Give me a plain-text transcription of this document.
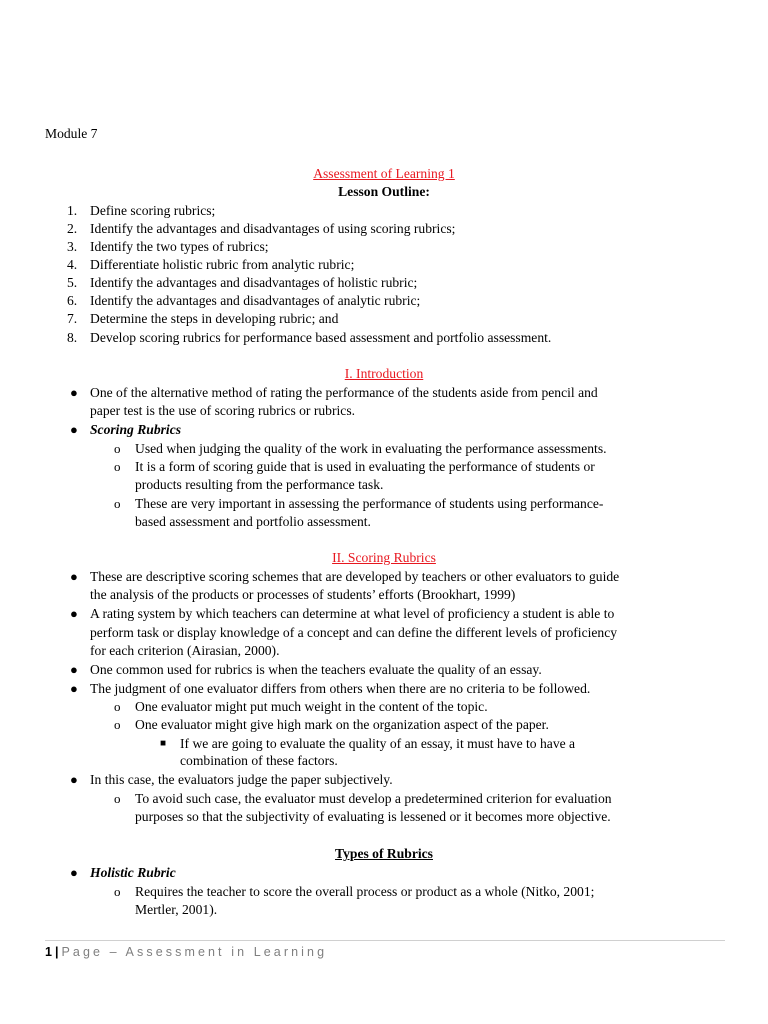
Module 7
Assessment of Learning 1
Lesson Outline:
1. Define scoring rubrics;
2. Identify the advantages and disadvantages of using scoring rubrics;
3. Identify the two types of rubrics;
4. Differentiate holistic rubric from analytic rubric;
5. Identify the advantages and disadvantages of holistic rubric;
6. Identify the advantages and disadvantages of analytic rubric;
7. Determine the steps in developing rubric; and
8. Develop scoring rubrics for performance based assessment and portfolio assessment.
I. Introduction
● One of the alternative method of rating the performance of the students aside from pencil and
paper test is the use of scoring rubrics or rubrics.
● Scoring Rubrics
o Used when judging the quality of the work in evaluating the performance assessments.
o It is a form of scoring guide that is used in evaluating the performance of students or
products resulting from the performance task.
o These are very important in assessing the performance of students using performance-
based assessment and portfolio assessment.
II. Scoring Rubrics
● These are descriptive scoring schemes that are developed by teachers or other evaluators to guide
the analysis of the products or processes of students’ efforts (Brookhart, 1999)
● A rating system by which teachers can determine at what level of proficiency a student is able to
perform task or display knowledge of a concept and can define the different levels of proficiency
for each criterion (Airasian, 2000).
● One common used for rubrics is when the teachers evaluate the quality of an essay.
● The judgment of one evaluator differs from others when there are no criteria to be followed.
o One evaluator might put much weight in the content of the topic.
o One evaluator might give high mark on the organization aspect of the paper.
■ If we are going to evaluate the quality of an essay, it must have to have a
combination of these factors.
● In this case, the evaluators judge the paper subjectively.
o To avoid such case, the evaluator must develop a predetermined criterion for evaluation
purposes so that the subjectivity of evaluating is lessened or it becomes more objective.
Types of Rubrics
● Holistic Rubric
o Requires the teacher to score the overall process or product as a whole (Nitko, 2001;
Mertler, 2001).
1 | Page – Assessment in Learning
